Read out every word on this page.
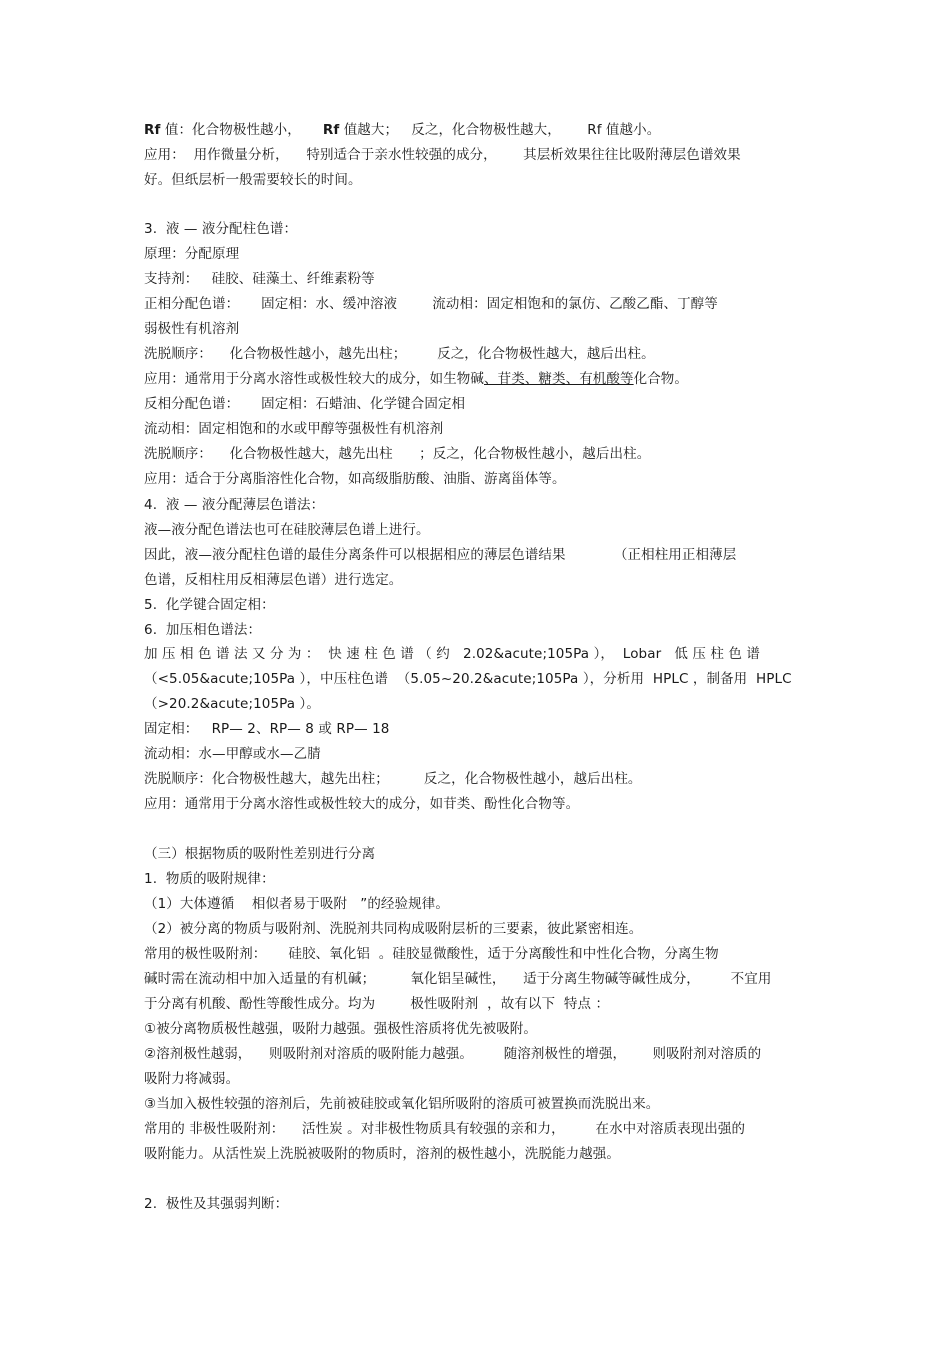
Rf 值：化合物极性越小，     Rf 值越大；   反之，化合物极性越大，      Rf 值越小。

应用：  用作微量分析，    特别适合于亲水性较强的成分，      其层析效果往往比吸附薄层色谱效果

好。但纸层析一般需要较长的时间。

3.  液 — 液分配柱色谱：

原理：分配原理

支持剂：   硅胶、硅藻土、纤维素粉等

正相分配色谱：     固定相：水、缓冲溶液        流动相：固定相饱和的氯仿、乙酸乙酯、丁醇等

弱极性有机溶剂

洗脱顺序：    化合物极性越小，越先出柱；       反之，化合物极性越大，越后出柱。

应用：通常用于分离水溶性或极性较大的成分，如生物碱、苷类、糖类、有机酸等化合物。

反相分配色谱：     固定相：石蜡油、化学键合固定相

流动相：固定相饱和的水或甲醇等强极性有机溶剂

洗脱顺序：    化合物极性越大，越先出柱      ；反之，化合物极性越小，越后出柱。

应用：适合于分离脂溶性化合物，如高级脂肪酸、油脂、游离甾体等。

4.  液 — 液分配薄层色谱法：

液—液分配色谱法也可在硅胶薄层色谱上进行。

因此，液—液分配柱色谱的最佳分离条件可以根据相应的薄层色谱结果           （正相柱用正相薄层

色谱，反相柱用反相薄层色谱）进行选定。

5.  化学键合固定相：

6.  加压相色谱法：

加 压 相 色 谱 法 又 分 为 ：  快 速 柱 色 谱 （ 约   2.02&acute;105Pa ），  Lobar   低 压 柱 色 谱

（<5.05&acute;105Pa ），中压柱色谱  （5.05~20.2&acute;105Pa ），分析用  HPLC ，制备用  HPLC

（>20.2&acute;105Pa ）。

固定相：   RP— 2、RP— 8 或 RP— 18

流动相：水—甲醇或水—乙腈

洗脱顺序：化合物极性越大，越先出柱；        反之，化合物极性越小，越后出柱。

应用：通常用于分离水溶性或极性较大的成分，如苷类、酚性化合物等。

（三）根据物质的吸附性差别进行分离

1.  物质的吸附规律：

（1）大体遵循    相似者易于吸附   ”的经验规律。

（2）被分离的物质与吸附剂、洗脱剂共同构成吸附层析的三要素，彼此紧密相连。

常用的极性吸附剂：     硅胶、氧化铝  。硅胶显微酸性，适于分离酸性和中性化合物，分离生物

碱时需在流动相中加入适量的有机碱；        氧化铝呈碱性，    适于分离生物碱等碱性成分，       不宜用

于分离有机酸、酚性等酸性成分。均为        极性吸附剂  ，故有以下  特点 ：

①被分离物质极性越强，吸附力越强。强极性溶质将优先被吸附。

②溶剂极性越弱，    则吸附剂对溶质的吸附能力越强。       随溶剂极性的增强，      则吸附剂对溶质的

吸附力将减弱。

③当加入极性较强的溶剂后，先前被硅胶或氧化铝所吸附的溶质可被置换而洗脱出来。

常用的 非极性吸附剂：    活性炭 。对非极性物质具有较强的亲和力，       在水中对溶质表现出强的

吸附能力。从活性炭上洗脱被吸附的物质时，溶剂的极性越小，洗脱能力越强。

2.  极性及其强弱判断：
